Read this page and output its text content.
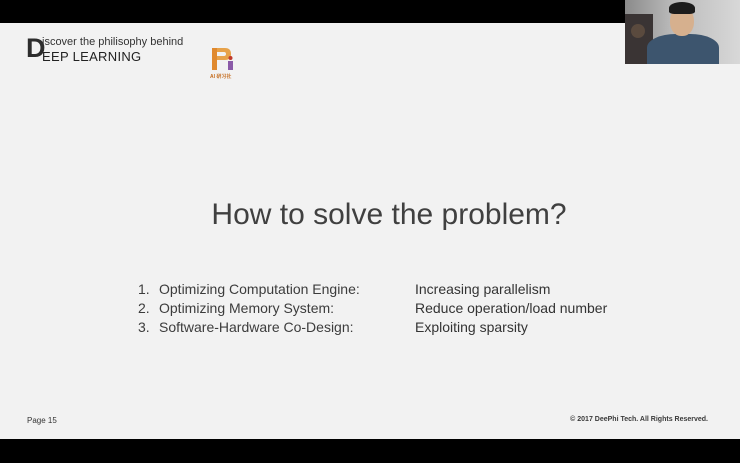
D
iscover the philisophy behind
EEP LEARNING
AI 研习社
How to solve the problem?
1. Optimizing Computation Engine:	Increasing parallelism
2. Optimizing Memory System:	Reduce operation/load number
3. Software-Hardware Co-Design:	Exploiting sparsity
Page 15	© 2017 DeePhi Tech. All Rights Reserved.
